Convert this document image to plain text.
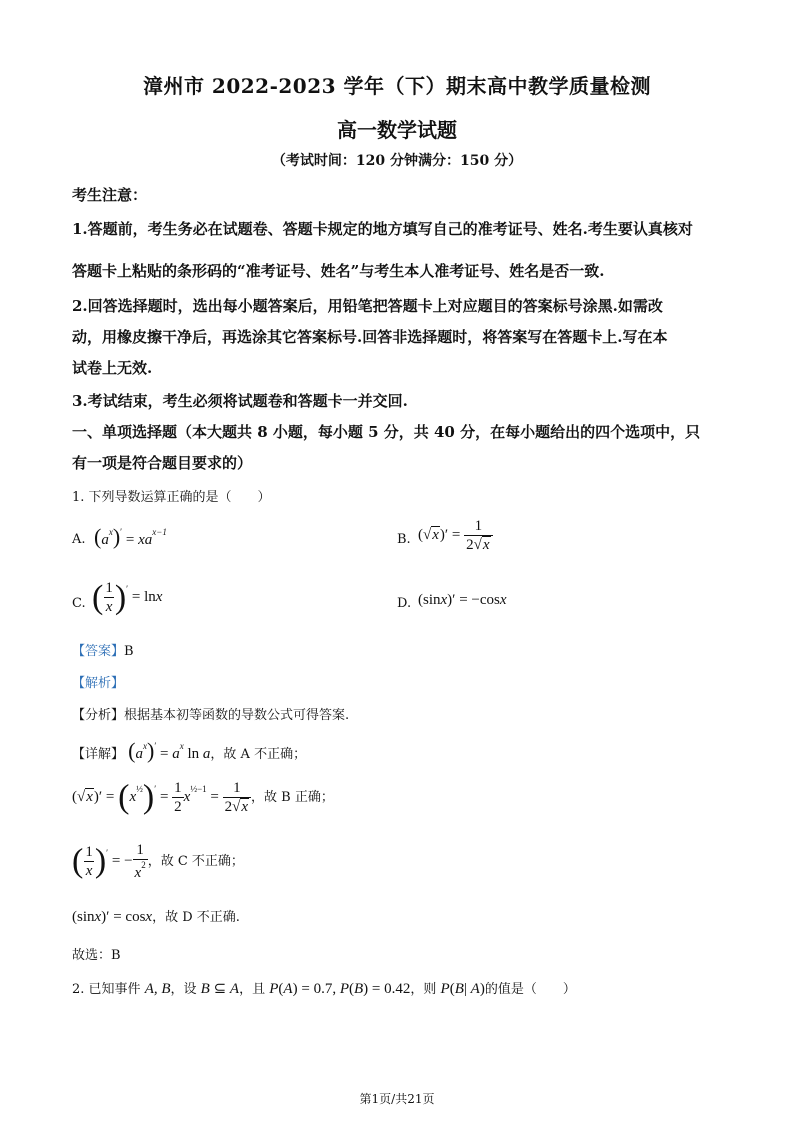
漳州市 2022-2023 学年（下）期末高中教学质量检测
高一数学试题
（考试时间：120 分钟满分：150 分）
考生注意：
1.答题前，考生务必在试题卷、答题卡规定的地方填写自己的准考证号、姓名.考生要认真核对
答题卡上粘贴的条形码的“准考证号、姓名”与考生本人准考证号、姓名是否一致.
2.回答选择题时，选出每小题答案后，用铅笔把答题卡上对应题目的答案标号涂黑.如需改
动，用橡皮擦干净后，再选涂其它答案标号.回答非选择题时，将答案写在答题卡上.写在本
试卷上无效.
3.考试结束，考生必须将试题卷和答题卡一并交回.
一、单项选择题（本大题共 8 小题，每小题 5 分，共 40 分，在每小题给出的四个选项中，只
有一项是符合题目要求的）
1. 下列导数运算正确的是（　　）
A. $(a^x)' = xa^{x-1}$	B. $(√x)' = \frac{1}{2√x}$
C. ( $\frac{1}{x} )' = \ln x$	D. (sinx)′ = −cosx
【答案】B
【解析】
【分析】根据基本初等函数的导数公式可得答案.
【详解】 $(a^x)' = a^x$ ln a，故 A 不正确；
$(√x)' = (x^{\frac{1}{2}})' = \frac{1}{2} x^{\frac{1}{2}-1} = \frac{1}{2√x}$ ，故 B 正确；
( $\frac{1}{x} )'$ = − $\frac{1}{x^2}$ ，故 C 不正确；
(sinx)′ = cosx，故 D 不正确.
故选：B
2. 已知事件 A, B，设 B ⊆ A，且 P(A) = 0.7, P(B) = 0.42，则 P(B| A)的值是（　　）
第1页/共21页
